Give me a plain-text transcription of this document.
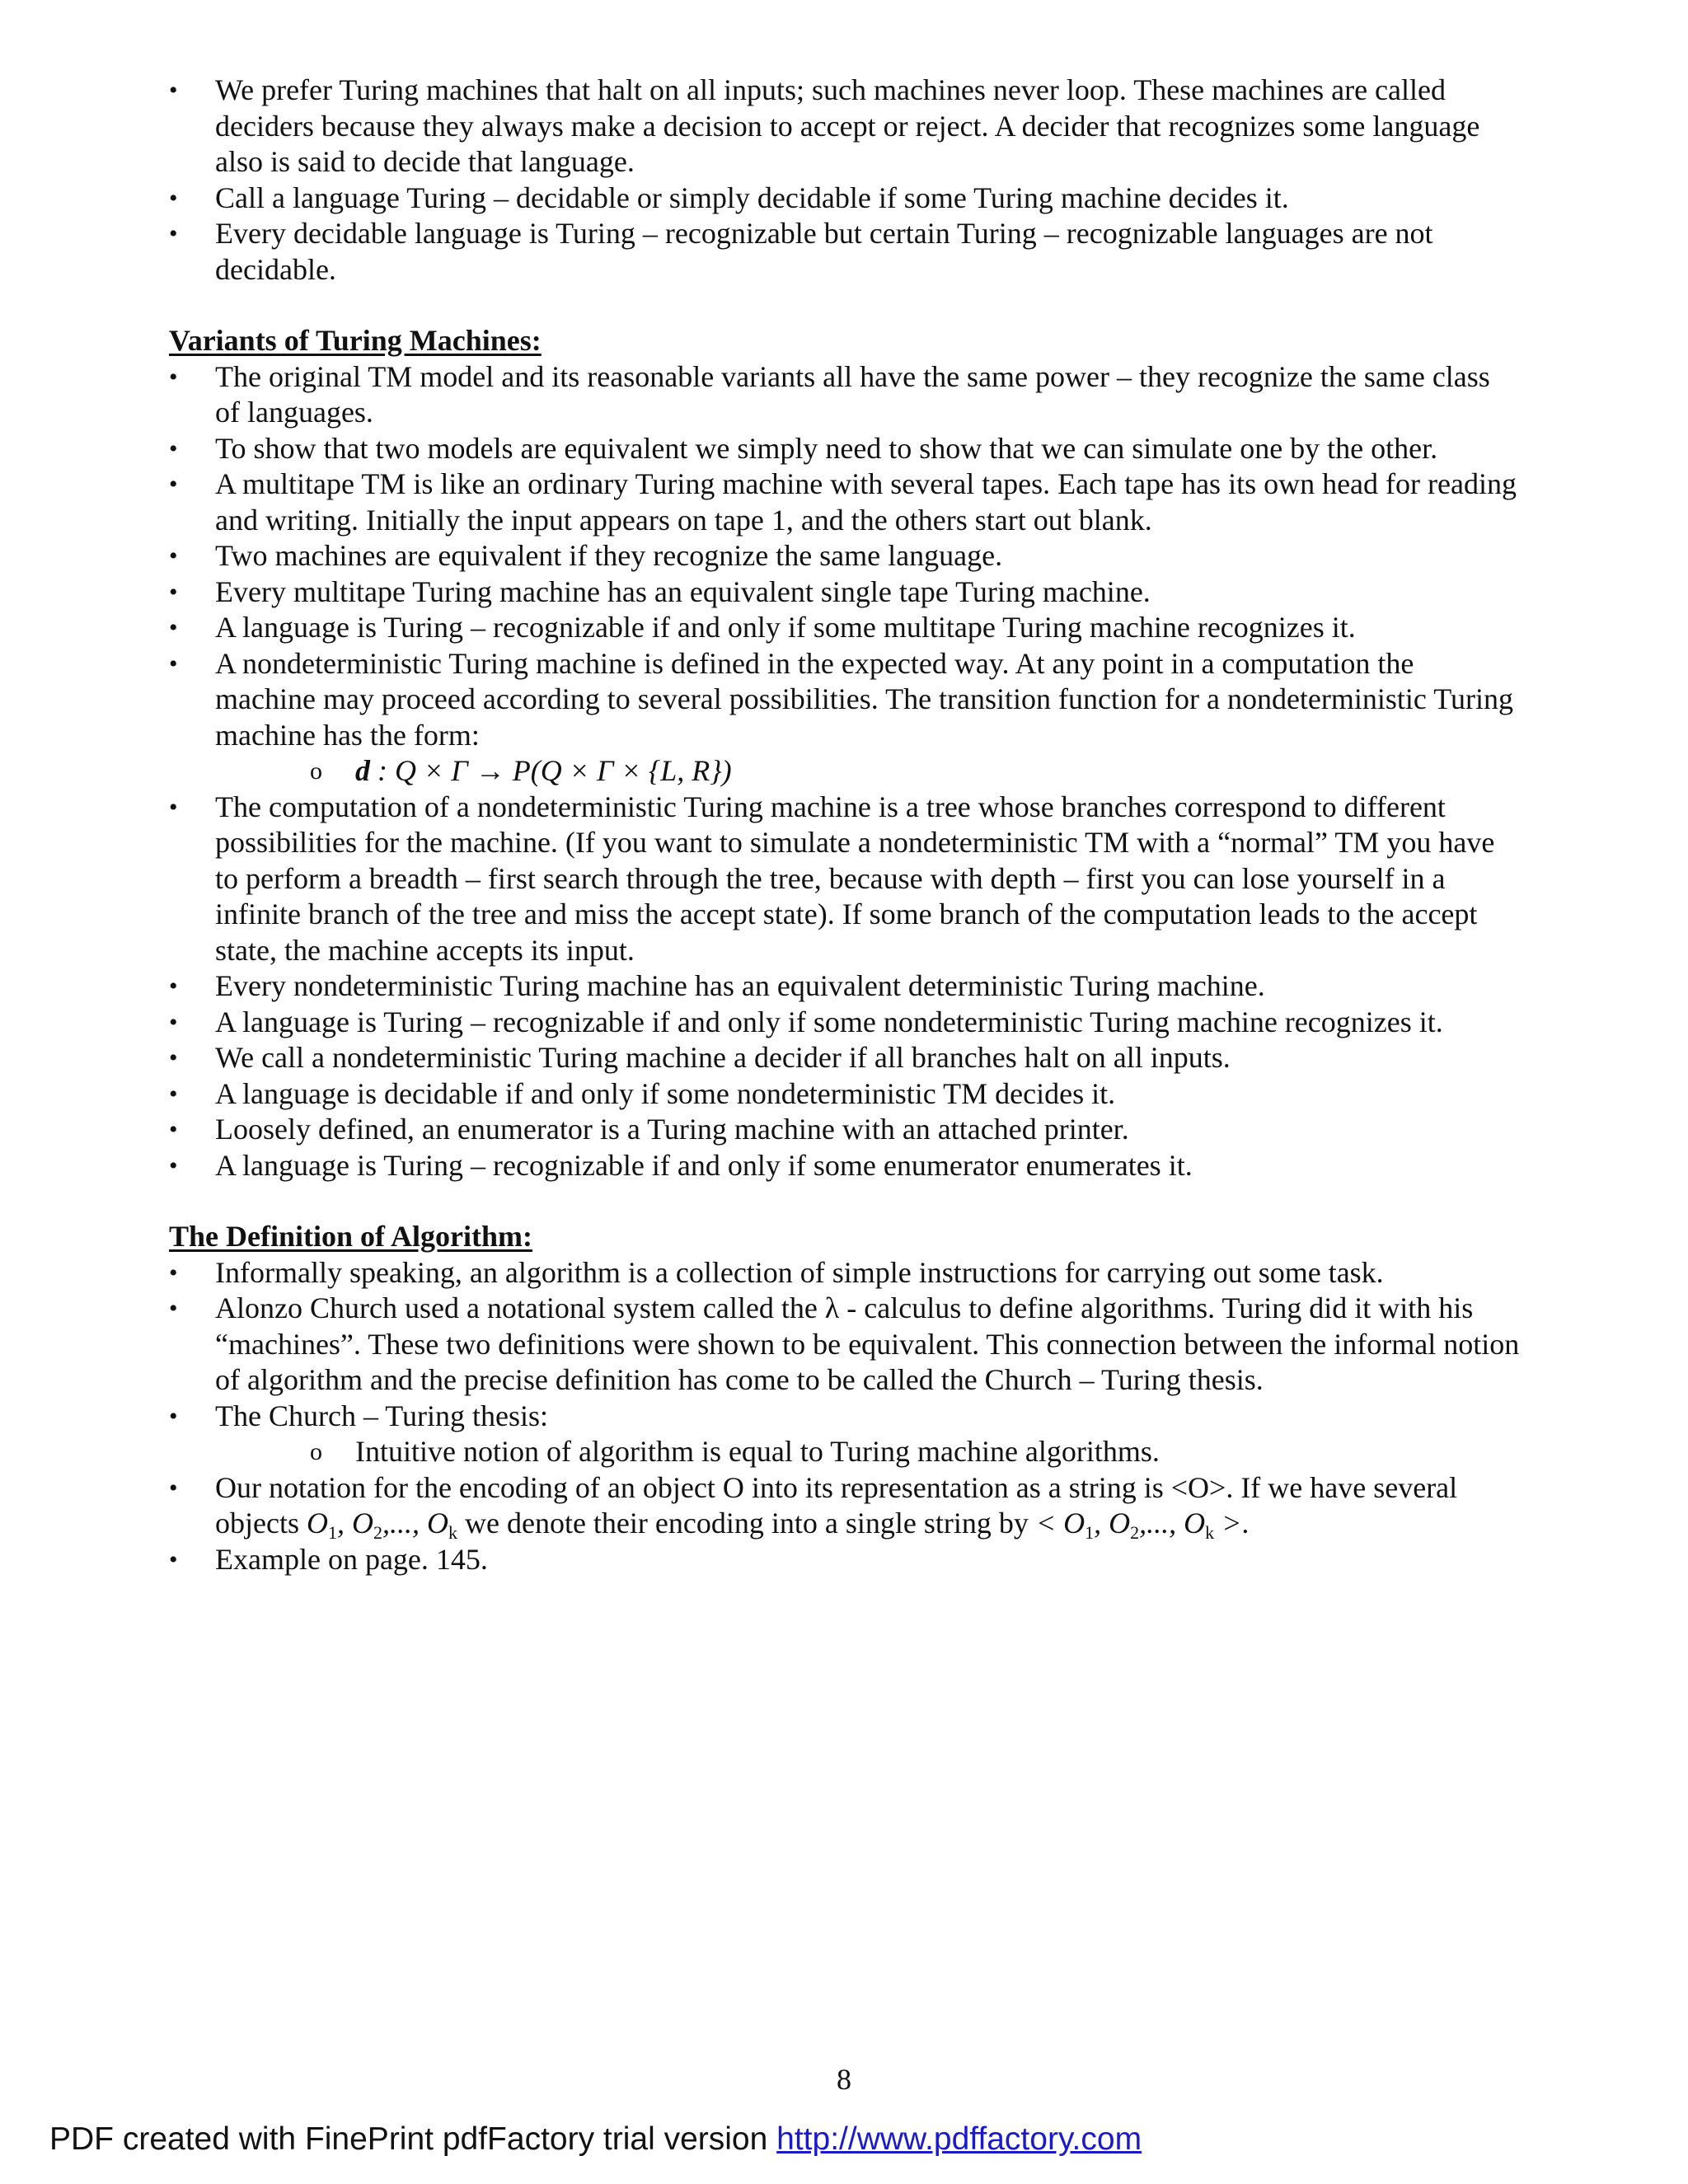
• We prefer Turing machines that halt on all inputs; such machines never loop. These machines are called deciders because they always make a decision to accept or reject. A decider that recognizes some language also is said to decide that language.
• Call a language Turing – decidable or simply decidable if some Turing machine decides it.
• Every decidable language is Turing – recognizable but certain Turing – recognizable languages are not decidable.

Variants of Turing Machines:

• The original TM model and its reasonable variants all have the same power – they recognize the same class of languages.
• To show that two models are equivalent we simply need to show that we can simulate one by the other.
• A multitape TM is like an ordinary Turing machine with several tapes. Each tape has its own head for reading and writing. Initially the input appears on tape 1, and the others start out blank.
• Two machines are equivalent if they recognize the same language.
• Every multitape Turing machine has an equivalent single tape Turing machine.
• A language is Turing – recognizable if and only if some multitape Turing machine recognizes it.
• A nondeterministic Turing machine is defined in the expected way. At any point in a computation the machine may proceed according to several possibilities. The transition function for a nondeterministic Turing machine has the form:
o d : Q × Γ → P(Q × Γ × {L, R})
• The computation of a nondeterministic Turing machine is a tree whose branches correspond to different possibilities for the machine. (If you want to simulate a nondeterministic TM with a “normal” TM you have to perform a breadth – first search through the tree, because with depth – first you can lose yourself in a infinite branch of the tree and miss the accept state). If some branch of the computation leads to the accept state, the machine accepts its input.
• Every nondeterministic Turing machine has an equivalent deterministic Turing machine.
• A language is Turing – recognizable if and only if some nondeterministic Turing machine recognizes it.
• We call a nondeterministic Turing machine a decider if all branches halt on all inputs.
• A language is decidable if and only if some nondeterministic TM decides it.
• Loosely defined, an enumerator is a Turing machine with an attached printer.
• A language is Turing – recognizable if and only if some enumerator enumerates it.

The Definition of Algorithm:

• Informally speaking, an algorithm is a collection of simple instructions for carrying out some task.
• Alonzo Church used a notational system called the λ - calculus to define algorithms. Turing did it with his “machines”. These two definitions were shown to be equivalent. This connection between the informal notion of algorithm and the precise definition has come to be called the Church – Turing thesis.
• The Church – Turing thesis:
o Intuitive notion of algorithm is equal to Turing machine algorithms.
• Our notation for the encoding of an object O into its representation as a string is <O>. If we have several objects $O_1$, $O_2$,..., $O_k$ we denote their encoding into a single string by < $O_1$, $O_2$,..., $O_k$ >.
• Example on page. 145.
8
PDF created with FinePrint pdfFactory trial version http://www.pdffactory.com
